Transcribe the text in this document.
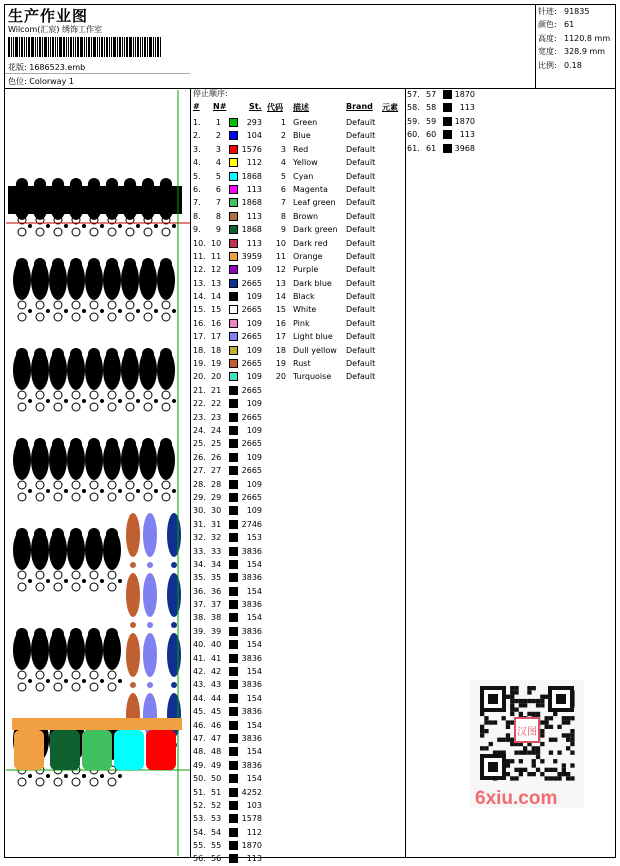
生产作业图
Wilcom(汇宸) 绣饰工作室
花版: 1686523.emb
色位: Colorway 1
针迹: 91835
颜色: 61
高度: 1120.8 mm
宽度: 328.9 mm
比例: 0.18
停止顺序:
# N#	St. 代码 描述	Brand 元素
1.	1	293	1 Green	Default
2.	2	104	2 Blue	Default
3.	3	1576	3 Red	Default
4.	4	112	4 Yellow	Default
5.	5	1868	5 Cyan	Default
6.	6	113	6 Magenta Default
7.	7	1868	7 Leaf green Default
8.	8	113	8 Brown	Default
9.	9	1868	9 Dark green Default
10. 10	113 10 Dark red Default
11. 11	3959 11 Orange	Default
12. 12	109 12 Purple	Default
13. 13	2665 13 Dark blue Default
14. 14	109 14 Black	Default
15. 15	2665 15 White	Default
16. 16	109 16 Pink	Default
17. 17	2665 17 Light blue Default
18. 18	109 18 Dull yellow Default
19. 19	2665 19 Rust	Default
20. 20	109 20 Turquoise Default
21. 21	2665
22. 22	109
23. 23	2665
24. 24	109
25. 25	2665
26. 26	109
27. 27	2665
28. 28	109
29. 29	2665
30. 30	109
31. 31	2746
32. 32	153
33. 33	3836
34. 34	154
35. 35	3836
36. 36	154
37. 37	3836
38. 38	154
39. 39	3836
40. 40	154
41. 41	3836
42. 42	154
43. 43	3836
44. 44	154
45. 45	3836
46. 46	154
47. 47	3836
48. 48	154
49. 49	3836
50. 50	154
51. 51	4252
52. 52	103
53. 53	1578
54. 54	112
55. 55	1870
56. 56	113
57. 57 1870
58. 58	113
59. 59 1870
60. 60	113
61. 61 3968
汉图
6xiu.com
